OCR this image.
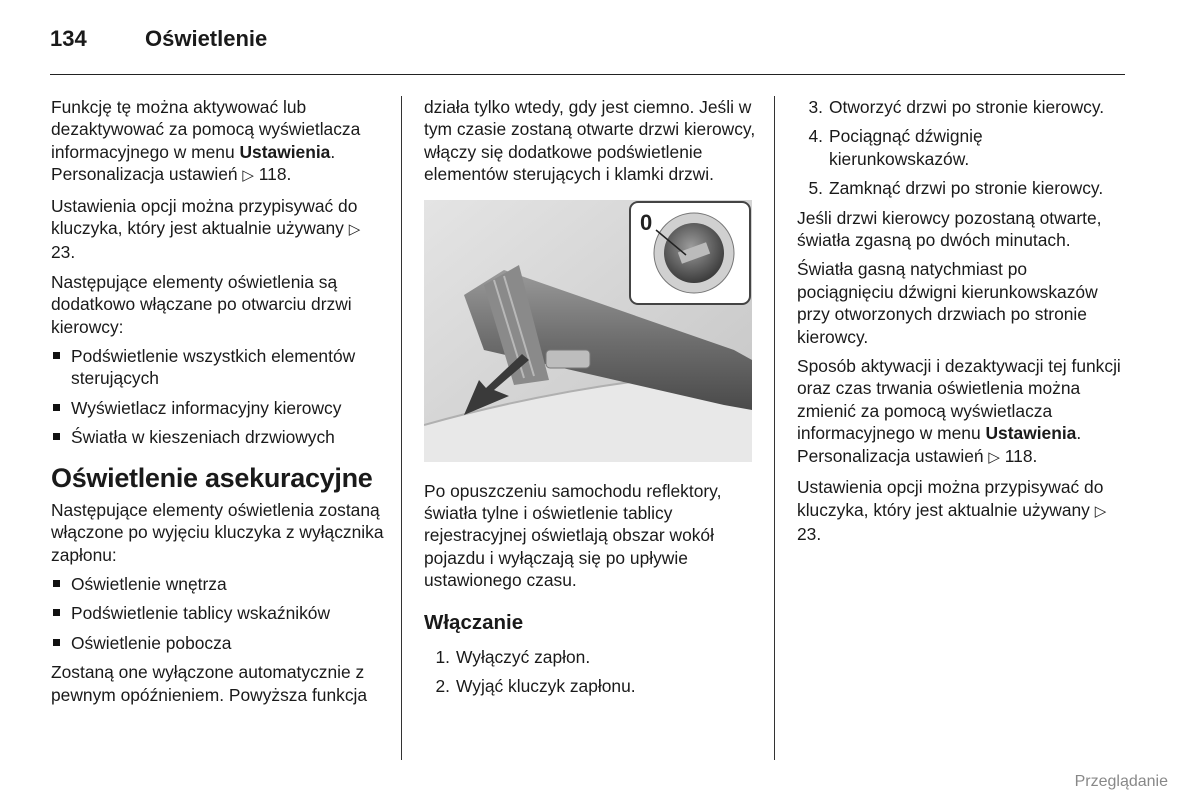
134	Oświetlenie

Funkcję tę można aktywować lub dezaktywować za pomocą wyświetlacza informacyjnego w menu Ustawienia. Personalizacja ustawień ▷ 118.

Ustawienia opcji można przypisywać do kluczyka, który jest aktualnie używany ▷ 23.

Następujące elementy oświetlenia są dodatkowo włączane po otwarciu drzwi kierowcy:

Podświetlenie wszystkich elementów sterujących
Wyświetlacz informacyjny kierowcy
Światła w kieszeniach drzwiowych
Oświetlenie asekuracyjne

Następujące elementy oświetlenia zostaną włączone po wyjęciu kluczyka z wyłącznika zapłonu:

Oświetlenie wnętrza
Podświetlenie tablicy wskaźników
Oświetlenie pobocza

Zostaną one wyłączone automatycznie z pewnym opóźnieniem. Powyższa funkcja

działa tylko wtedy, gdy jest ciemno. Jeśli w tym czasie zostaną otwarte drzwi kierowcy, włączy się dodatkowe podświetlenie elementów sterujących i klamki drzwi.

0

Po opuszczeniu samochodu reflektory, światła tylne i oświetlenie tablicy rejestracyjnej oświetlają obszar wokół pojazdu i wyłączają się po upływie ustawionego czasu.

Włączanie
1. Wyłączyć zapłon.
2. Wyjąć kluczyk zapłonu.
3. Otworzyć drzwi po stronie kierowcy.
4. Pociągnąć dźwignię kierunkowskazów.
5. Zamknąć drzwi po stronie kierowcy.

Jeśli drzwi kierowcy pozostaną otwarte, światła zgasną po dwóch minutach.

Światła gasną natychmiast po pociągnięciu dźwigni kierunkowskazów przy otworzonych drzwiach po stronie kierowcy.

Sposób aktywacji i dezaktywacji tej funkcji oraz czas trwania oświetlenia można zmienić za pomocą wyświetlacza informacyjnego w menu Ustawienia. Personalizacja ustawień ▷ 118.

Ustawienia opcji można przypisywać do kluczyka, który jest aktualnie używany ▷ 23.

Przeglądanie
